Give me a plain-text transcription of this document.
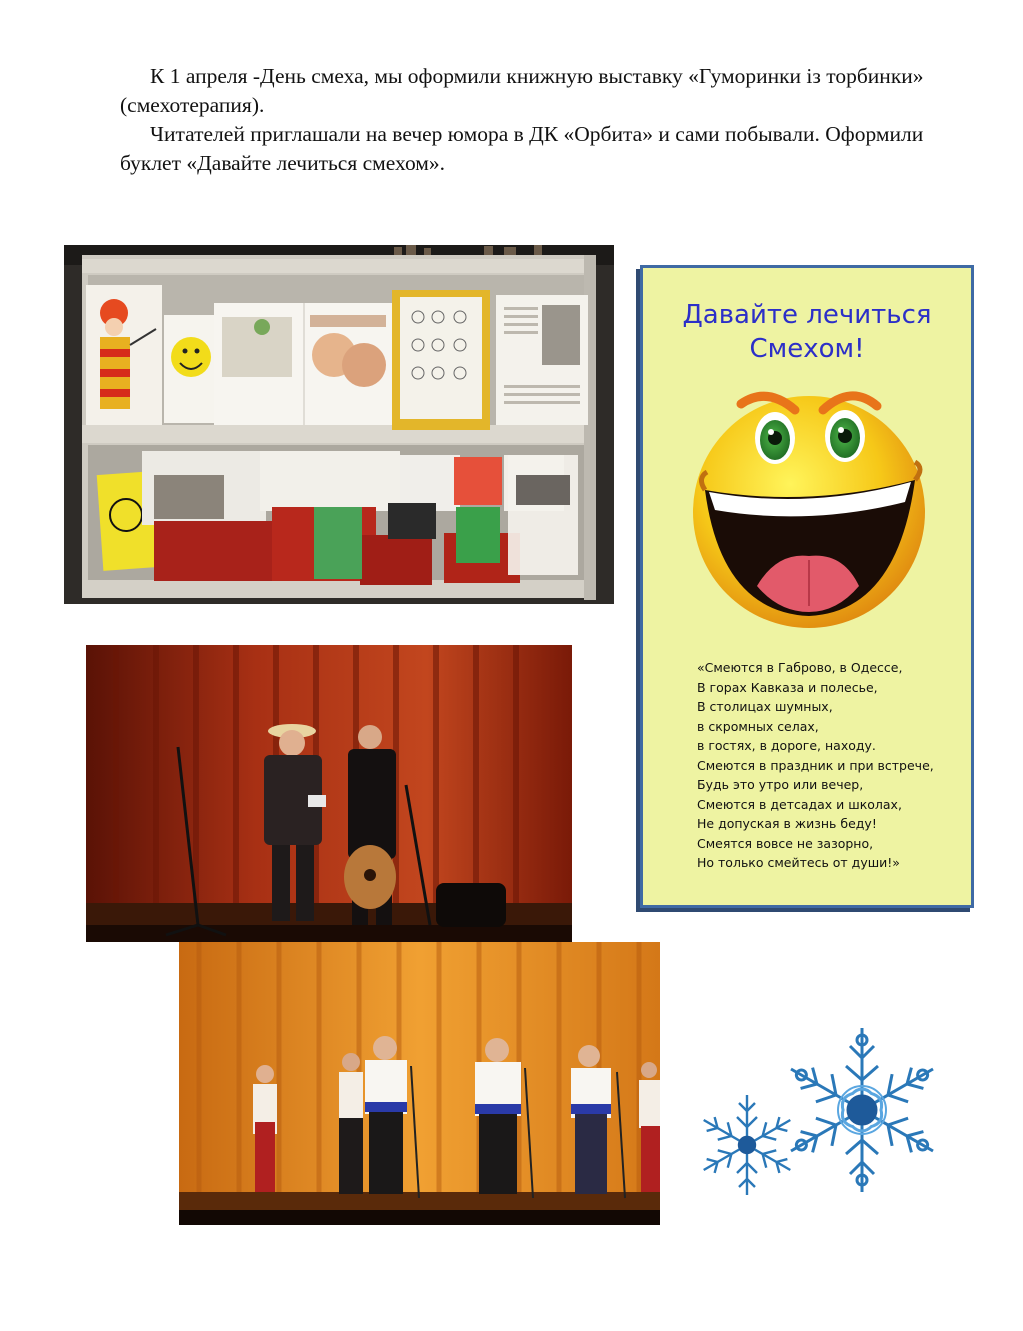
К 1 апреля -День смеха, мы оформили книжную выставку «Гуморинки із торбинки» (смехотерапия).

Читателей приглашали на вечер юмора в ДК «Орбита» и сами побывали. Оформили буклет «Давайте лечиться смехом».

Давайте лечиться
Смехом!
«Смеются в Габрово, в Одессе,
В горах Кавказа и полесье,
В столицах шумных,
в скромных селах,
в гостях, в дороге, находу.
Смеются в праздник и при встрече,
Будь это утро или вечер,
Смеются в детсадах и школах,
Не допуская в жизнь беду!
Смеятся вовсе не зазорно,
Но только смейтесь от души!»
